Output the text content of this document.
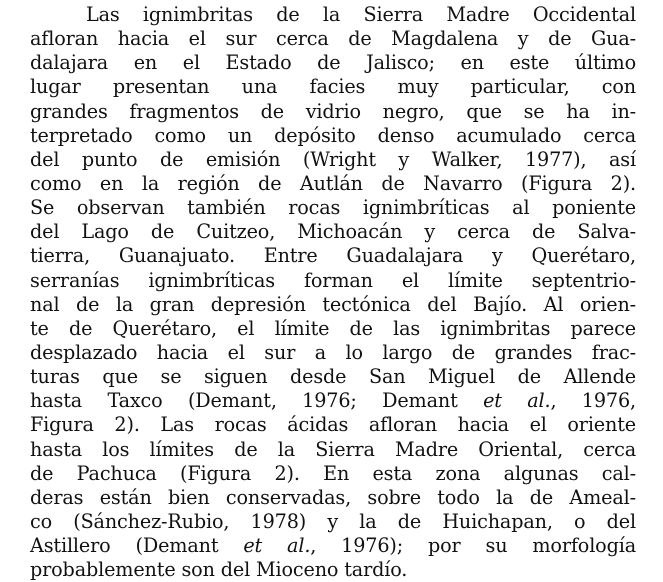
Las ignimbritas de la Sierra Madre Occidental
afloran hacia el sur cerca de Magdalena y de Gua-
dalajara en el Estado de Jalisco; en este último
lugar presentan una facies muy particular, con
grandes fragmentos de vidrio negro, que se ha in-
terpretado como un depósito denso acumulado cerca
del punto de emisión (Wright y Walker, 1977), así
como en la región de Autlán de Navarro (Figura 2).
Se observan también rocas ignimbríticas al poniente
del Lago de Cuitzeo, Michoacán y cerca de Salva-
tierra, Guanajuato. Entre Guadalajara y Querétaro,
serranías ignimbríticas forman el límite septentrio-
nal de la gran depresión tectónica del Bajío. Al orien-
te de Querétaro, el límite de las ignimbritas parece
desplazado hacia el sur a lo largo de grandes frac-
turas que se siguen desde San Miguel de Allende
hasta Taxco (Demant, 1976; Demant et al., 1976,
Figura 2). Las rocas ácidas afloran hacia el oriente
hasta los límites de la Sierra Madre Oriental, cerca
de Pachuca (Figura 2). En esta zona algunas cal-
deras están bien conservadas, sobre todo la de Ameal-
co (Sánchez-Rubio, 1978) y la de Huichapan, o del
Astillero (Demant et al., 1976); por su morfología
probablemente son del Mioceno tardío.
